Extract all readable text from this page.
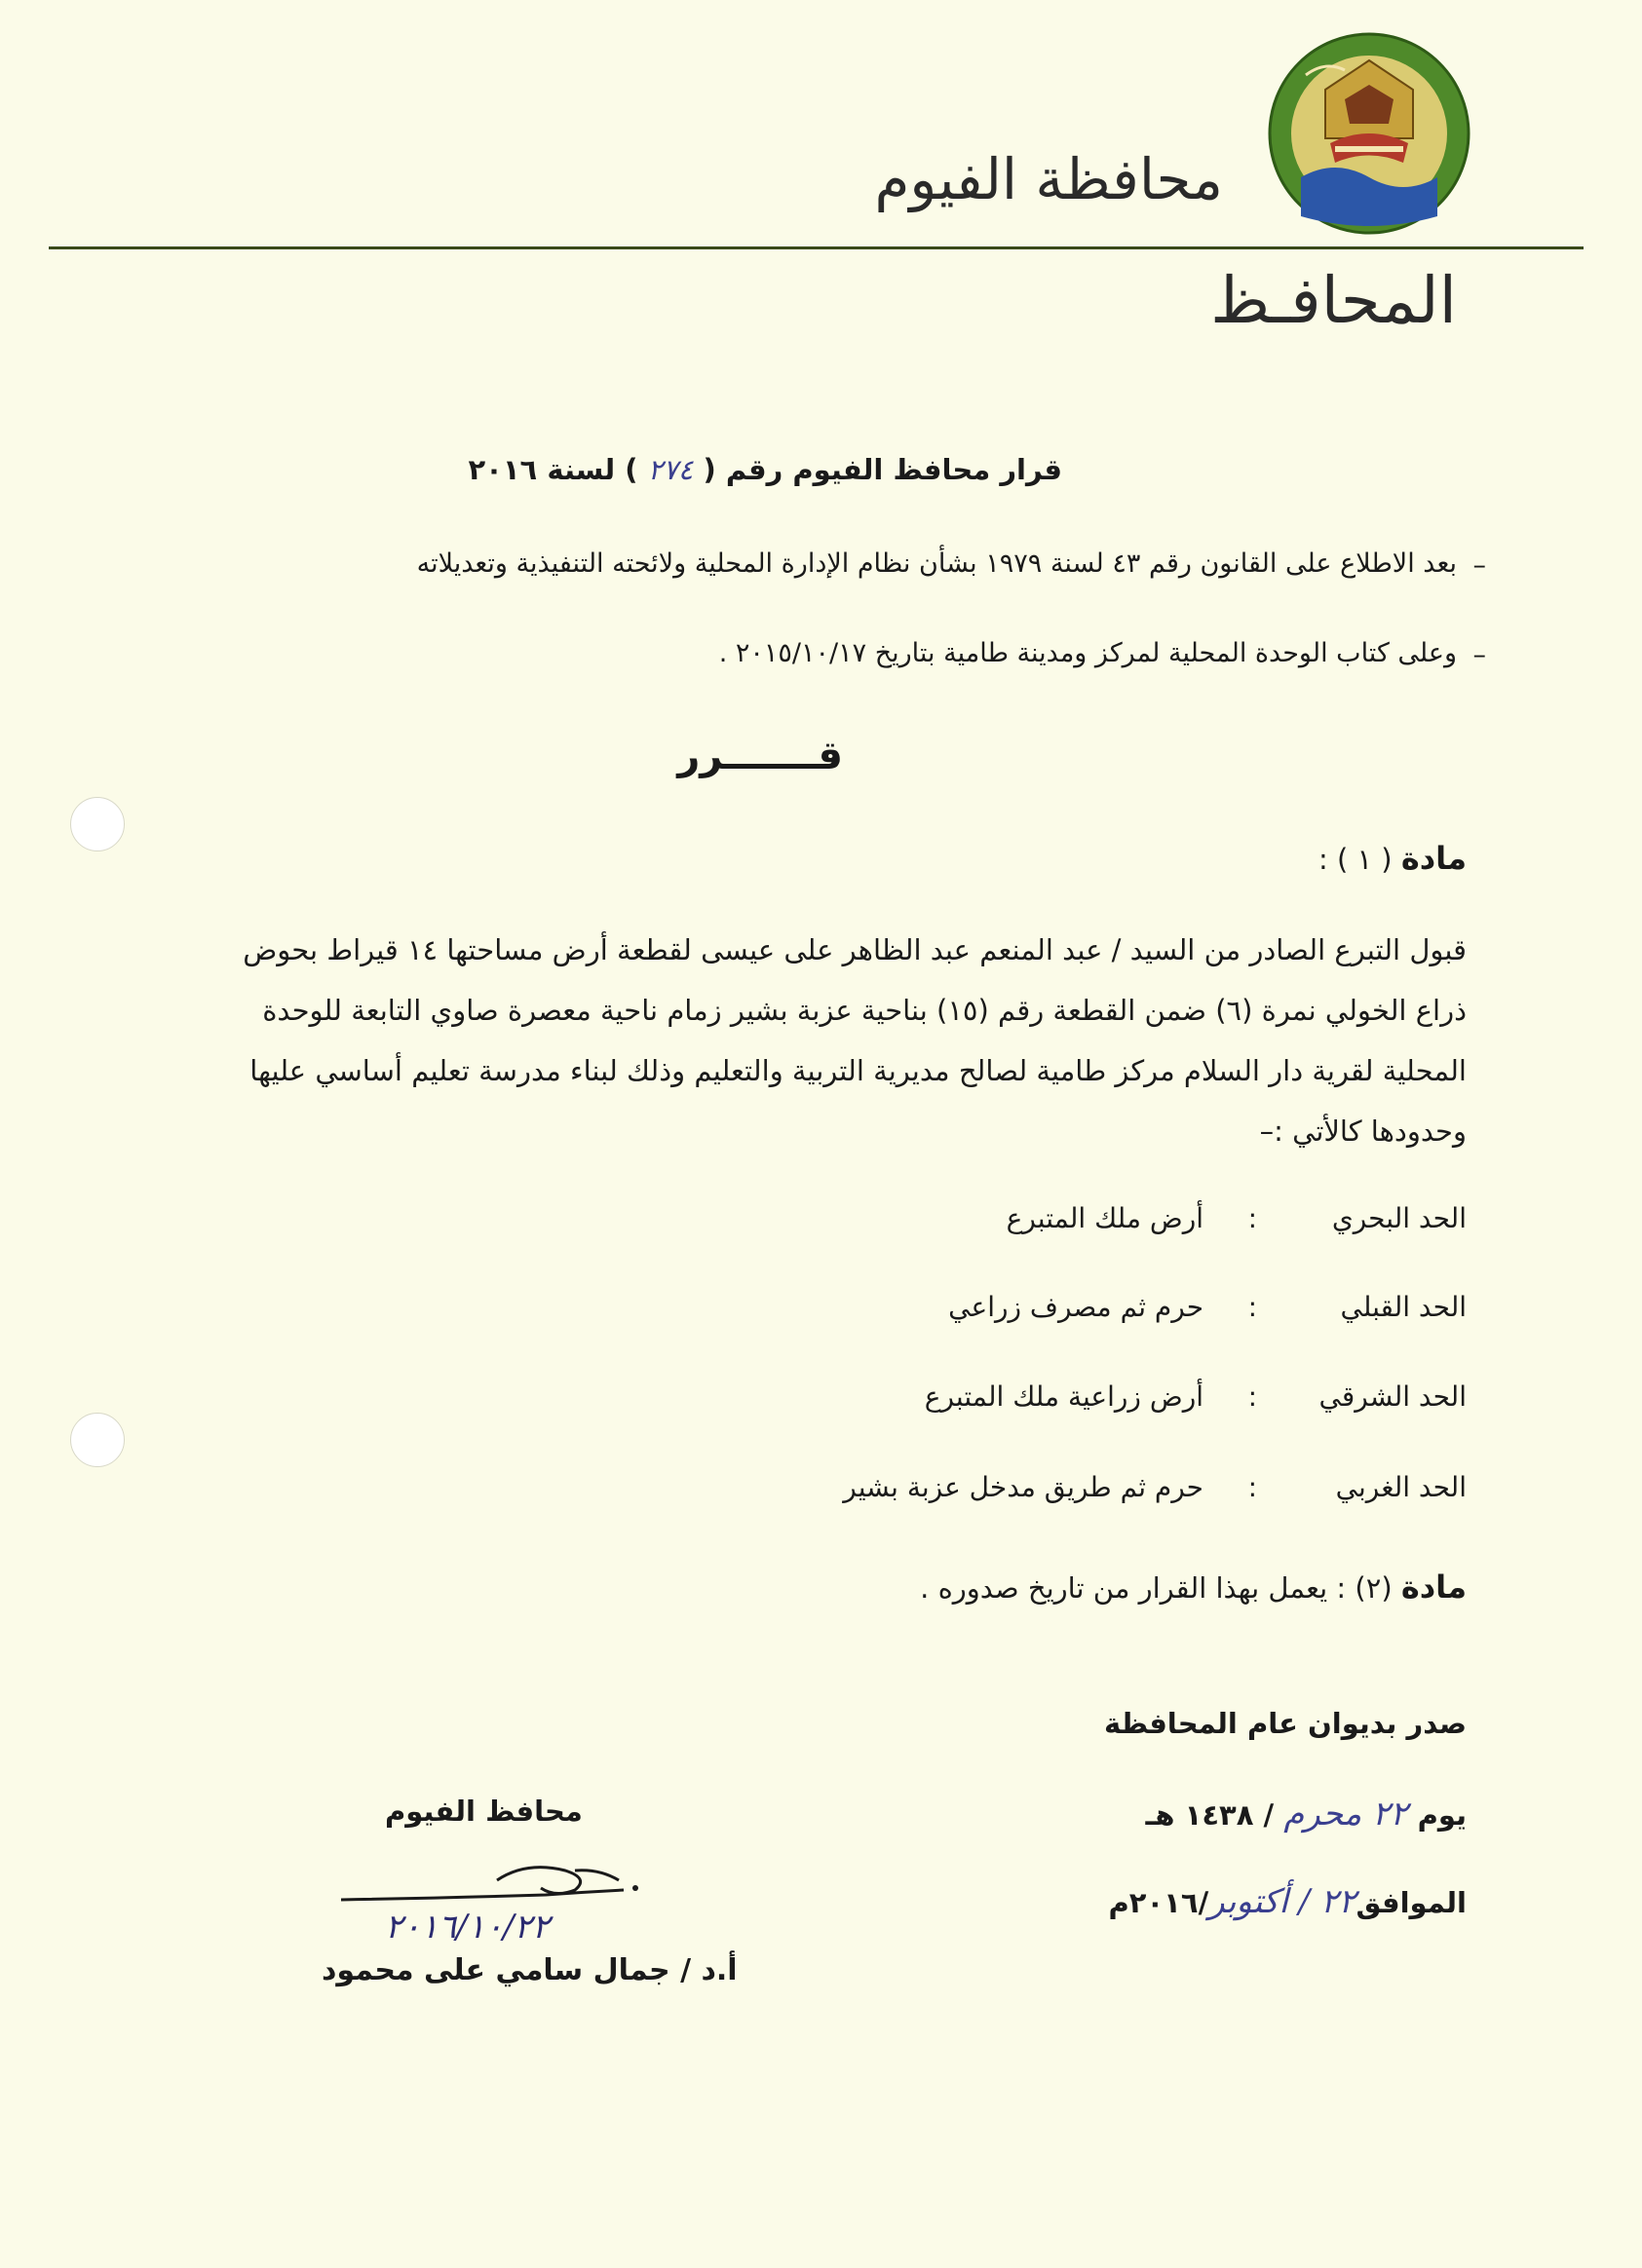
محافظة الفيوم
المحافـظ
قرار محافظ الفيوم رقم ( ٢٧٤ ) لسنة ٢٠١٦
–
بعد الاطلاع على القانون رقم ٤٣ لسنة ١٩٧٩ بشأن نظام الإدارة المحلية ولائحته التنفيذية وتعديلاته
–
وعلى كتاب الوحدة المحلية لمركز ومدينة طامية بتاريخ ٢٠١٥/١٠/١٧ .
قـــــــرر
مادة ( ١ ) :
قبول التبرع الصادر من السيد / عبد المنعم عبد الظاهر على عيسى لقطعة أرض مساحتها ١٤ قيراط بحوض
ذراع الخولي نمرة (٦) ضمن القطعة رقم (١٥) بناحية عزبة بشير زمام ناحية معصرة صاوي التابعة للوحدة
المحلية لقرية دار السلام مركز طامية لصالح مديرية التربية والتعليم وذلك لبناء مدرسة تعليم أساسي عليها
وحدودها كالأتي :–
الحد البحري
:
أرض ملك المتبرع
الحد القبلي
:
حرم ثم مصرف زراعي
الحد الشرقي
:
أرض زراعية ملك المتبرع
الحد الغربي
:
حرم ثم طريق مدخل عزبة بشير
مادة (٢) : يعمل بهذا القرار من تاريخ صدوره .
صدر بديوان عام المحافظة
يوم ٢٢ محرم / ١٤٣٨ هـ
الموافق٢٢ / أكتوبر/٢٠١٦م
محافظ الفيوم
٢٠١٦/١٠/٢٢
أ.د / جمال سامي على محمود
